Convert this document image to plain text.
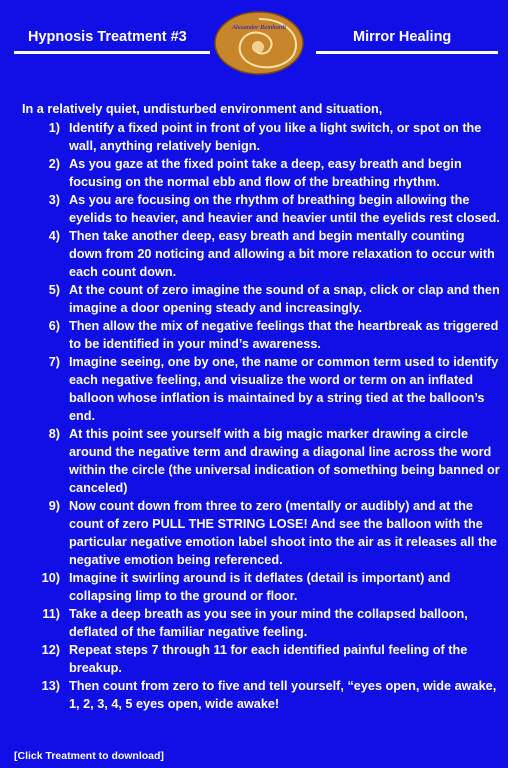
Hypnosis Treatment #3
Alexander Reinhardt
Mirror Healing
In a relatively quiet, undisturbed environment and situation,
1) Identify a fixed point in front of you like a light switch, or spot on the wall, anything relatively benign.
2) As you gaze at the fixed point take a deep, easy breath and begin focusing on the normal ebb and flow of the breathing rhythm.
3) As you are focusing on the rhythm of breathing begin allowing the eyelids to heavier, and heavier and heavier until the eyelids rest closed.
4) Then take another deep, easy breath and begin mentally counting down from 20 noticing and allowing a bit more relaxation to occur with each count down.
5) At the count of zero imagine the sound of a snap, click or clap and then imagine a door opening steady and increasingly.
6) Then allow the mix of negative feelings that the heartbreak as triggered to be identified in your mind’s awareness.
7) Imagine seeing, one by one, the name or common term used to identify each negative feeling, and visualize the word or term on an inflated balloon whose inflation is maintained by a string tied at the balloon’s end.
8) At this point see yourself with a big magic marker drawing a circle around the negative term and drawing a diagonal line across the word within the circle (the universal indication of something being banned or canceled)
9) Now count down from three to zero (mentally or audibly) and at the count of zero PULL THE STRING LOSE! And see the balloon with the particular negative emotion label shoot into the air as it releases all the negative emotion being referenced.
10) Imagine it swirling around is it deflates (detail is important) and collapsing limp to the ground or floor.
11) Take a deep breath as you see in your mind the collapsed balloon, deflated of the familiar negative feeling.
12) Repeat steps 7 through 11 for each identified painful feeling of the breakup.
13) Then count from zero to five and tell yourself, “eyes open, wide awake, 1, 2, 3, 4, 5 eyes open, wide awake!
[Click Treatment to download]
